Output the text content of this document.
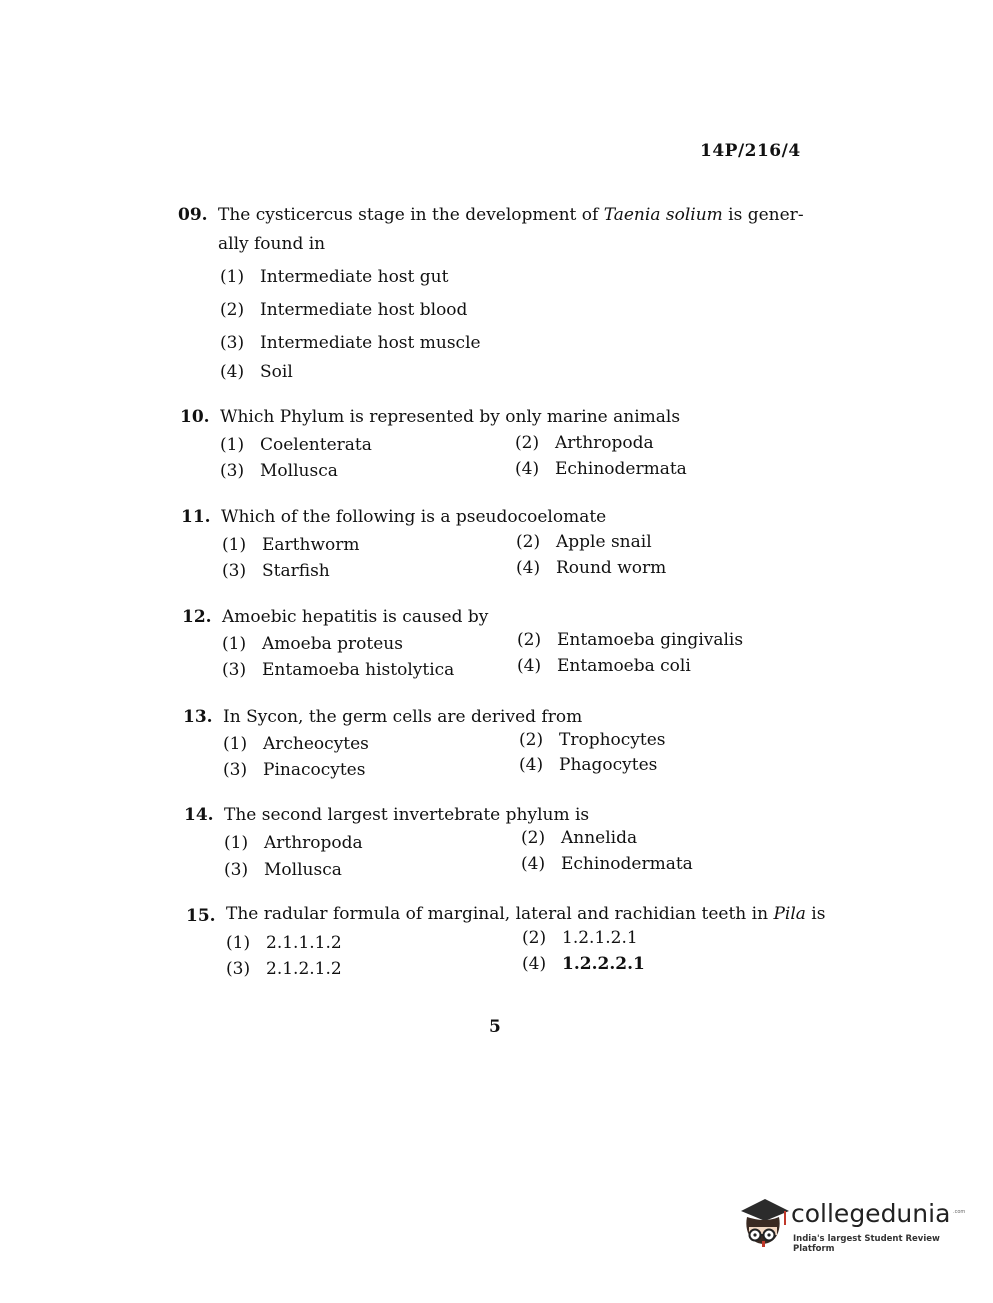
14P/216/4
09. The cysticercus stage in the development of Taenia solium is gener-
ally found in
(1) Intermediate host gut
(2) Intermediate host blood
(3) Intermediate host muscle
(4) Soil
10. Which Phylum is represented by only marine animals
(1) Coelenterata	(2) Arthropoda
(3) Mollusca	(4) Echinodermata
11. Which of the following is a pseudocoelomate
(1) Earthworm	(2) Apple snail
(3) Starfish	(4) Round worm
12. Amoebic hepatitis is caused by
(1) Amoeba proteus	(2) Entamoeba gingivalis
(3) Entamoeba histolytica	(4) Entamoeba coli
13. In Sycon, the germ cells are derived from
(1) Archeocytes	(2) Trophocytes
(3) Pinacocytes	(4) Phagocytes
14. The second largest invertebrate phylum is
(1) Arthropoda	(2) Annelida
(3) Mollusca	(4) Echinodermata
15. The radular formula of marginal, lateral and rachidian teeth in Pila is
(1) 2.1.1.1.2	(2) 1.2.1.2.1
(3) 2.1.2.1.2	(4) 1.2.2.2.1
5
collegedunia .com
India's largest Student Review Platform
